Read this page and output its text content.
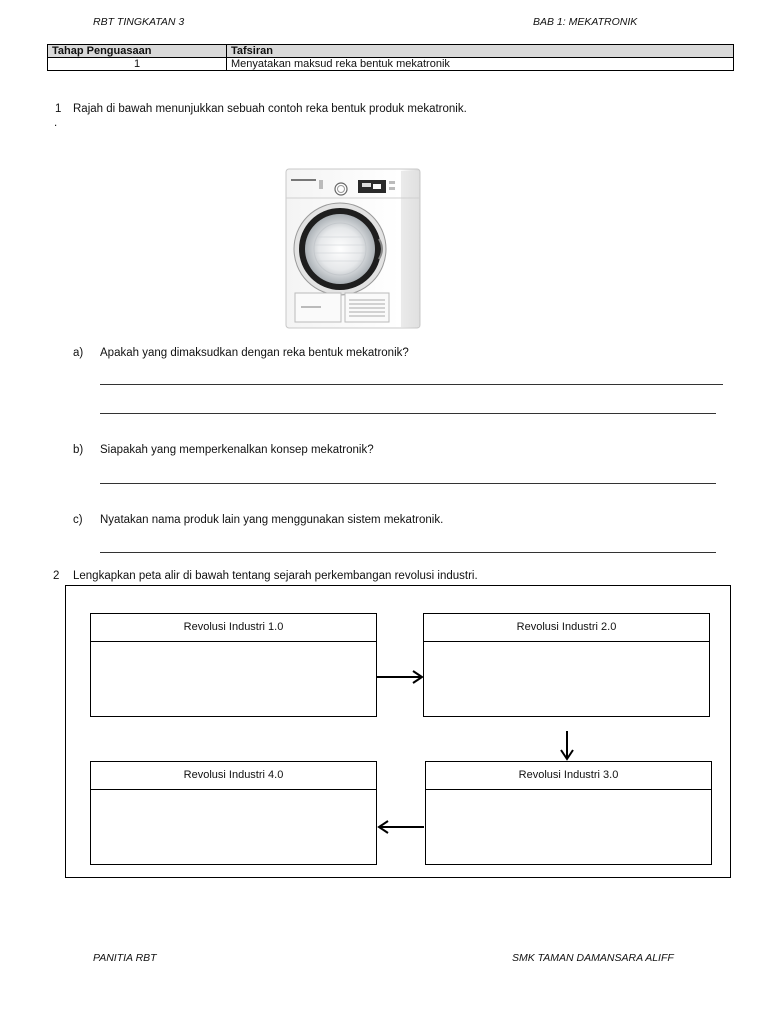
RBT TINGKATAN 3	BAB 1: MEKATRONIK
Tahap Penguasaan	Tafsiran
1	Menyatakan maksud reka bentuk mekatronik
1 Rajah di bawah menunjukkan sebuah contoh reka bentuk produk mekatronik.
.
a) Apakah yang dimaksudkan dengan reka bentuk mekatronik?
b) Siapakah yang memperkenalkan konsep mekatronik?
c) Nyatakan nama produk lain yang menggunakan sistem mekatronik.
2 Lengkapkan peta alir di bawah tentang sejarah perkembangan revolusi industri.
Revolusi Industri 1.0	Revolusi Industri 2.0
Revolusi Industri 4.0	Revolusi Industri 3.0
PANITIA RBT	SMK TAMAN DAMANSARA ALIFF
